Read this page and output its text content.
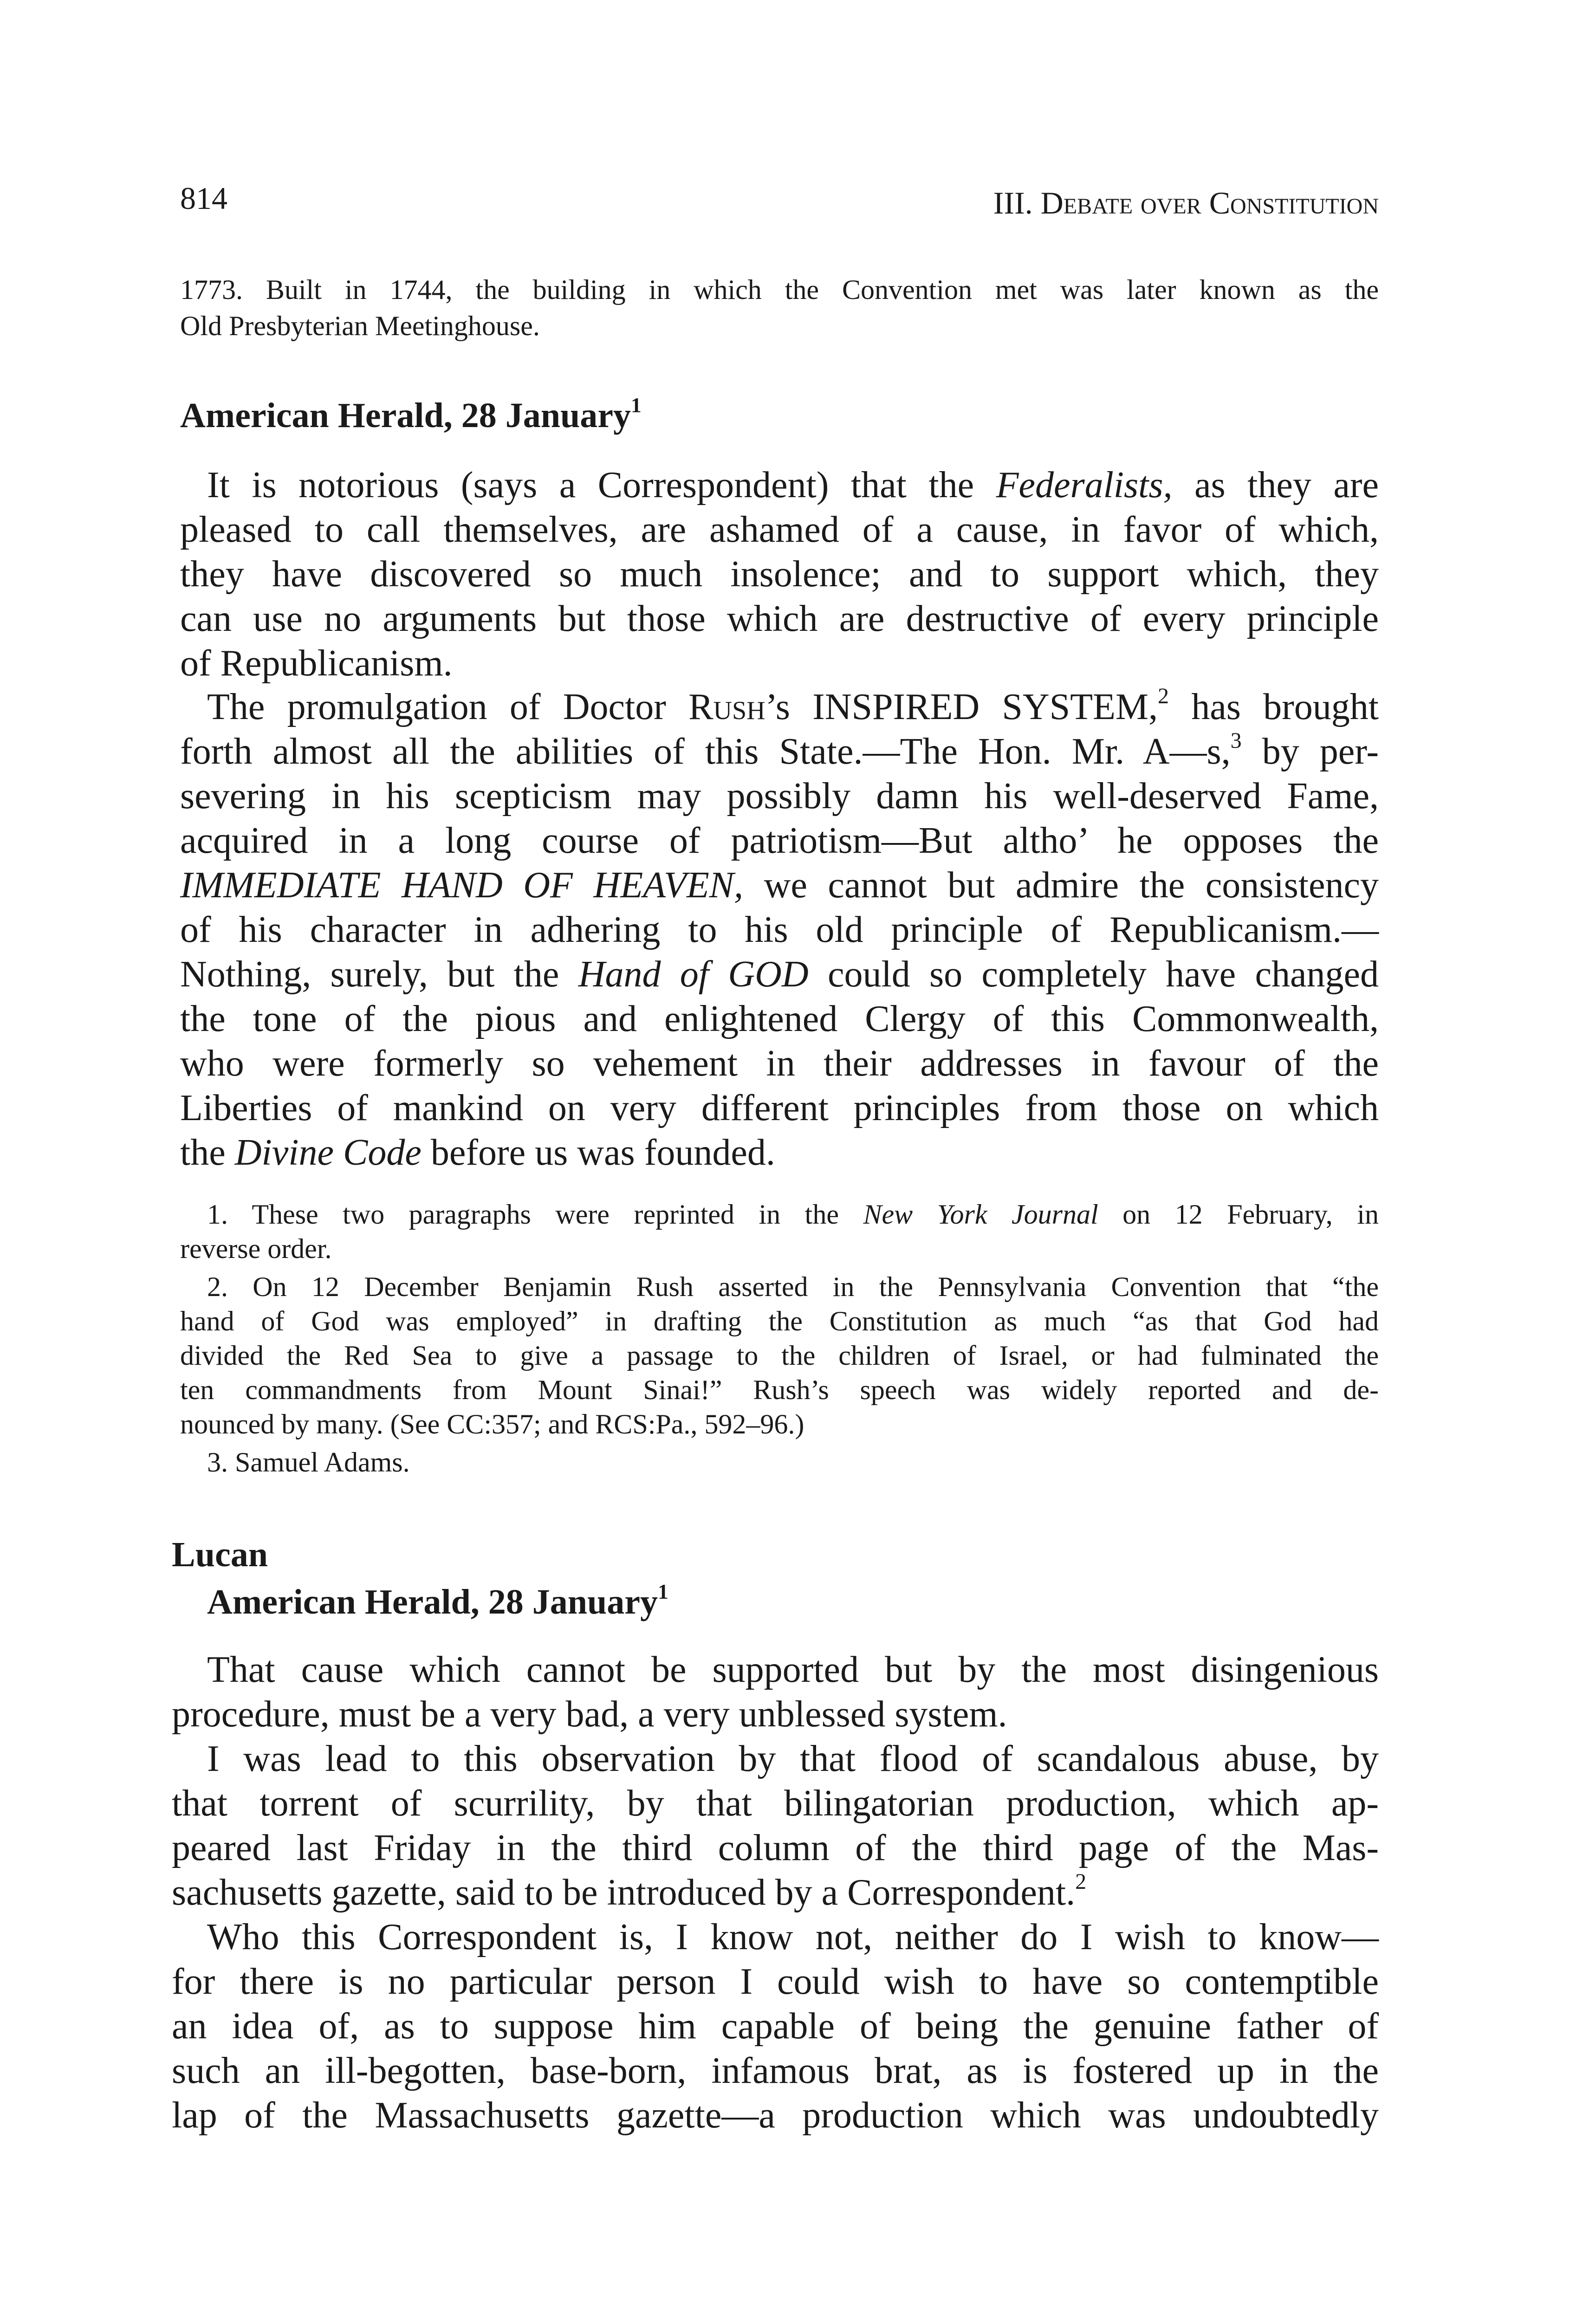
814	III. Debate over Constitution
1773. Built in 1744, the building in which the Convention met was later known as the
Old Presbyterian Meetinghouse.
American Herald, 28 January$^1$
It is notorious (says a Correspondent) that the Federalists, as they are
pleased to call themselves, are ashamed of a cause, in favor of which,
they have discovered so much insolence; and to support which, they
can use no arguments but those which are destructive of every principle
of Republicanism.
The promulgation of Doctor Rush’s INSPIRED SYSTEM,$^2$ has brought
forth almost all the abilities of this State.—The Hon. Mr. A—s,$^3$ by per-
severing in his scepticism may possibly damn his well-deserved Fame,
acquired in a long course of patriotism—But altho’ he opposes the
IMMEDIATE HAND OF HEAVEN, we cannot but admire the consistency
of his character in adhering to his old principle of Republicanism.—
Nothing, surely, but the Hand of GOD could so completely have changed
the tone of the pious and enlightened Clergy of this Commonwealth,
who were formerly so vehement in their addresses in favour of the
Liberties of mankind on very different principles from those on which
the Divine Code before us was founded.
1. These two paragraphs were reprinted in the New York Journal on 12 February, in
reverse order.
2. On 12 December Benjamin Rush asserted in the Pennsylvania Convention that “the
hand of God was employed” in drafting the Constitution as much “as that God had
divided the Red Sea to give a passage to the children of Israel, or had fulminated the
ten commandments from Mount Sinai!” Rush’s speech was widely reported and de-
nounced by many. (See CC:357; and RCS:Pa., 592–96.)
3. Samuel Adams.
Lucan
American Herald, 28 January$^1$
That cause which cannot be supported but by the most disingenious
procedure, must be a very bad, a very unblessed system.
I was lead to this observation by that flood of scandalous abuse, by
that torrent of scurrility, by that bilingatorian production, which ap-
peared last Friday in the third column of the third page of the Mas-
sachusetts gazette, said to be introduced by a Correspondent.$^2$
Who this Correspondent is, I know not, neither do I wish to know—
for there is no particular person I could wish to have so contemptible
an idea of, as to suppose him capable of being the genuine father of
such an ill-begotten, base-born, infamous brat, as is fostered up in the
lap of the Massachusetts gazette—a production which was undoubtedly
